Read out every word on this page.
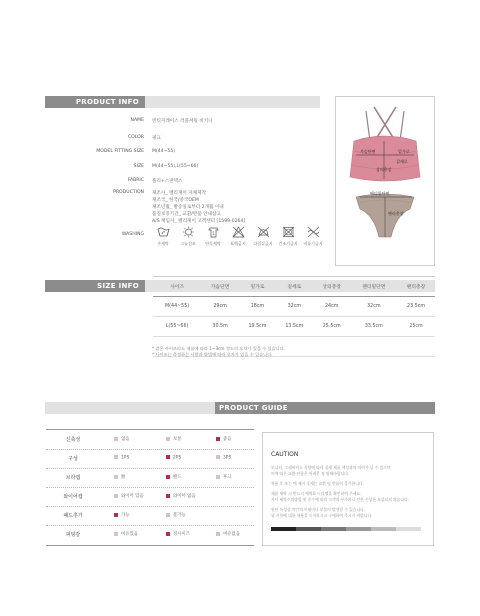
PRODUCT INFO
NAME 빈티지레이스 러플셔링 비키니
COLOR 핑크
MODEL FITTING SIZE M(44~55)
SIZE M(44~55),L(55~66)
FABRIC 폴리+스판덱스
PRODUCTION 제조사_ 벨리제이 자체제작
제조국_ 한국/중국OEM
제조년월_ 발송일로부터 2개월 이내
품질보증기간_ 교환/반품 안내참고
A/S 책임자_ 벨리제이 고객센터 [1599-0264]
WASHING
손세탁	그늘건조
1
단독세탁	표백금지	다림질금지	건조기금지	비틀기금지
가슴단면	밑가로
겉세로
상의총장
팬티밑단면
팬티총장
SIZE INFO	사이즈	가슴단면	밑가로	겉세로	상의총장	팬티밑단면	팬티총장
M(44~55)	29cm	18cm	32cm	24cm	32cm	23.5cm
L(55~66)	30.5m	19.5cm	13.5cm	25.5cm	33.5cm	25cm

* 같은 사이즈라도 제품에 따라 1~3cm 정도의 오차가 있을 수 있습니다.
* 사이즈는 측정하는 사람과 방법에 따라 오차가 있을 수 있습니다.
PRODUCT GUIDE
신축성	없음	보통	좋음
구성	1PS	2PS	3PS
브라캡	無	밴드	후크
와이어캡	와이어 있음	와이어 없음
패드추가	가능	불가능
피팅감	여유있음	정사이즈	여유없음
CAUTION
모니터, 그래픽카드 사양에 따라 실제 제품 색상과의 차이가 날 수 있으며
이에 따른 교환·반품은 어려운 점 양해바랍니다.
착용 후 또는 택 제거 후에는 교환 및 반품이 불가합니다.
제품 세탁 시 반드시 세탁표시 라벨을 확인하여 주세요.
자사 세탁주의방법 및 중수에 따라 고객의 부주의로 인한 손상은 보상되지 않습니다.
원단 특성상 약간의 이염이나 보풀이 발생할 수 있습니다.
위 사항에 대한 내용을 숙지하시고 구매하여 주시기 바랍니다.
